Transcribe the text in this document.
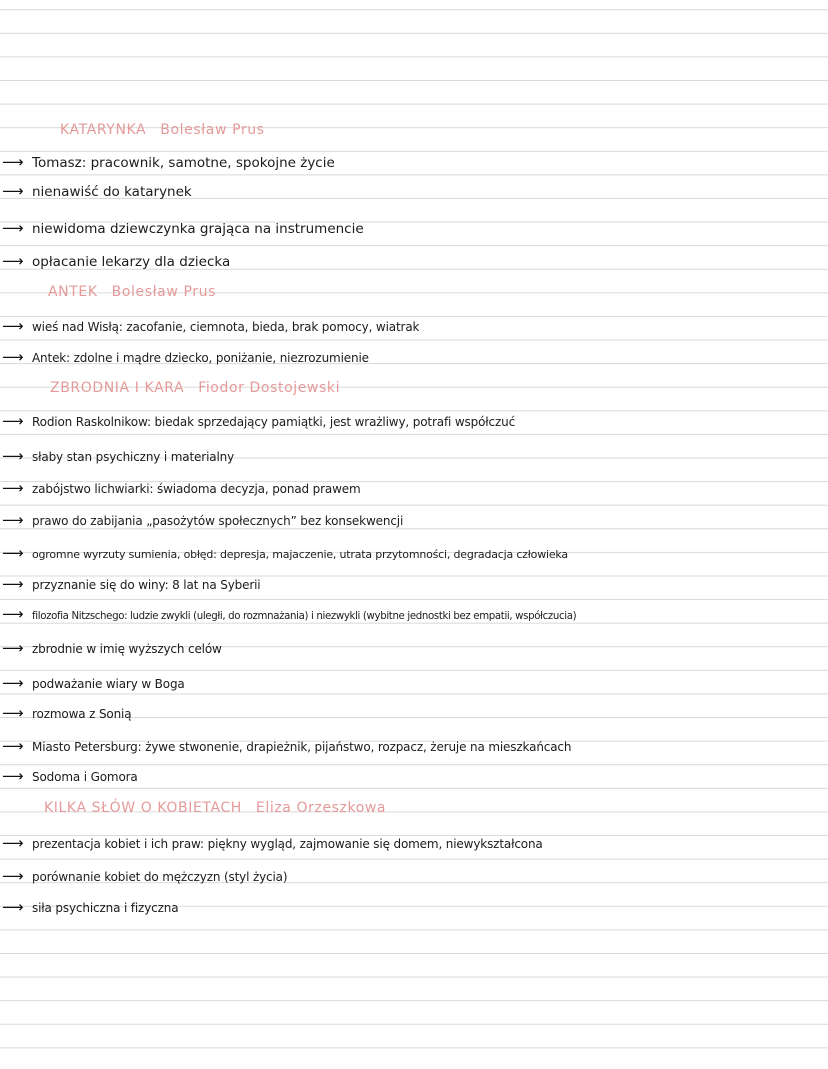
KATARYNKA Bolesław Prus
⟶ Tomasz: pracownik, samotne, spokojne życie
⟶ nienawiść do katarynek
⟶ niewidoma dziewczynka grająca na instrumencie
⟶ opłacanie lekarzy dla dziecka
ANTEK Bolesław Prus
⟶ wieś nad Wisłą: zacofanie, ciemnota, bieda, brak pomocy, wiatrak
⟶ Antek: zdolne i mądre dziecko, poniżanie, niezrozumienie
ZBRODNIA I KARA Fiodor Dostojewski
⟶ Rodion Raskolnikow: biedak sprzedający pamiątki, jest wrażliwy, potrafi współczuć
⟶ słaby stan psychiczny i materialny
⟶ zabójstwo lichwiarki: świadoma decyzja, ponad prawem
⟶ prawo do zabijania „pasożytów społecznych” bez konsekwencji
⟶ ogromne wyrzuty sumienia, obłęd: depresja, majaczenie, utrata przytomności, degradacja człowieka
⟶ przyznanie się do winy: 8 lat na Syberii
⟶ filozofia Nitzschego: ludzie zwykli (uległi, do rozmnażania) i niezwykli (wybitne jednostki bez empatii, współczucia)
⟶ zbrodnie w imię wyższych celów
⟶ podważanie wiary w Boga
⟶ rozmowa z Sonią
⟶ Miasto Petersburg: żywe stwonenie, drapieżnik, pijaństwo, rozpacz, żeruje na mieszkańcach
⟶ Sodoma i Gomora
KILKA SŁÓW O KOBIETACH Eliza Orzeszkowa
⟶ prezentacja kobiet i ich praw: piękny wygląd, zajmowanie się domem, niewykształcona
⟶ porównanie kobiet do mężczyzn (styl życia)
⟶ siła psychiczna i fizyczna
